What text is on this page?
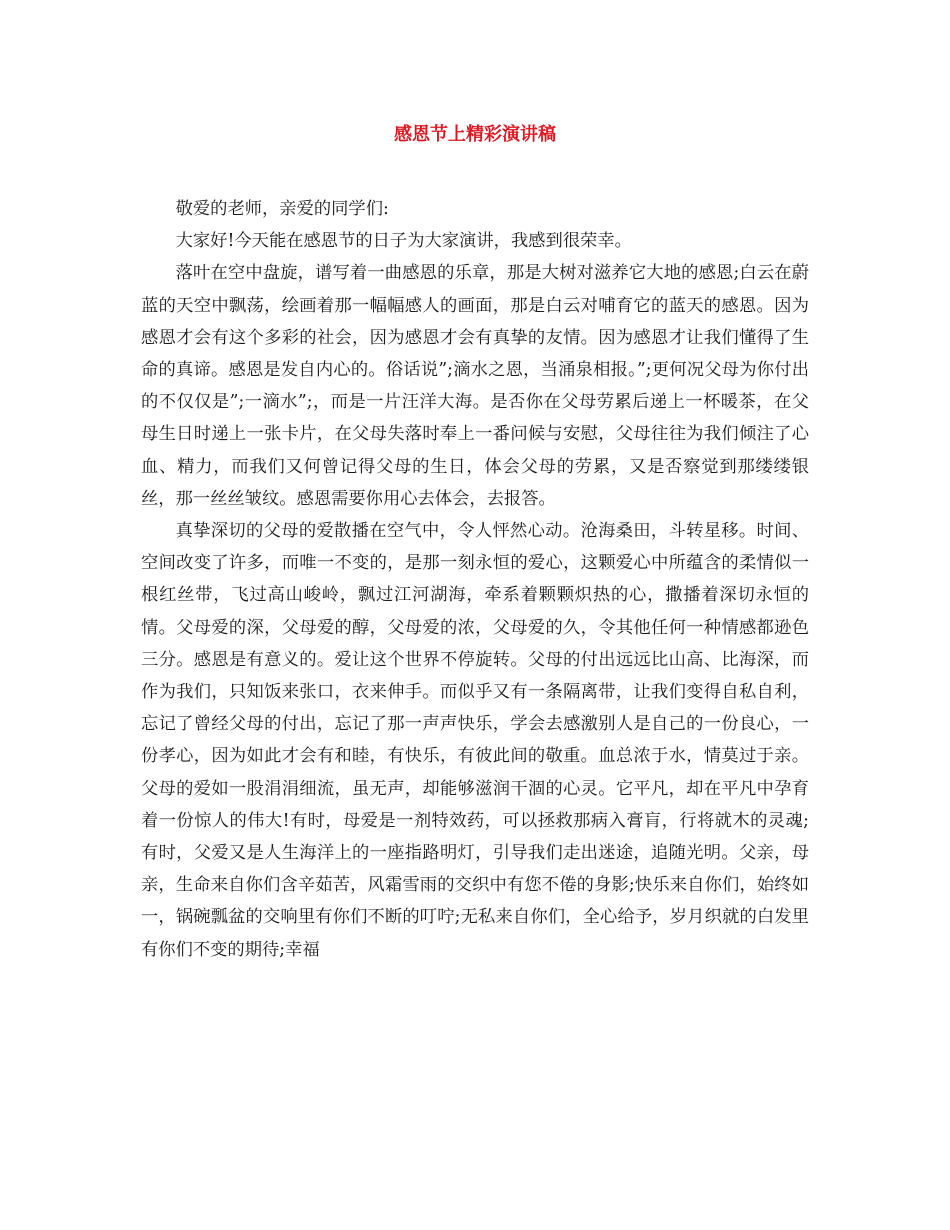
感恩节上精彩演讲稿

敬爱的老师，亲爱的同学们:

大家好!今天能在感恩节的日子为大家演讲，我感到很荣幸。

落叶在空中盘旋，谱写着一曲感恩的乐章，那是大树对滋养它大地的感恩;白云在蔚蓝的天空中飘荡，绘画着那一幅幅感人的画面，那是白云对哺育它的蓝天的感恩。因为感恩才会有这个多彩的社会，因为感恩才会有真挚的友情。因为感恩才让我们懂得了生命的真谛。感恩是发自内心的。俗话说”;滴水之恩，当涌泉相报。”;更何况父母为你付出的不仅仅是”;一滴水”;，而是一片汪洋大海。是否你在父母劳累后递上一杯暖茶，在父母生日时递上一张卡片，在父母失落时奉上一番问候与安慰，父母往往为我们倾注了心血、精力，而我们又何曾记得父母的生日，体会父母的劳累，又是否察觉到那缕缕银丝，那一丝丝皱纹。感恩需要你用心去体会，去报答。

真挚深切的父母的爱散播在空气中，令人怦然心动。沧海桑田，斗转星移。时间、空间改变了许多，而唯一不变的，是那一刻永恒的爱心，这颗爱心中所蕴含的柔情似一根红丝带，飞过高山峻岭，飘过江河湖海，牵系着颗颗炽热的心，撒播着深切永恒的情。父母爱的深，父母爱的醇，父母爱的浓，父母爱的久，令其他任何一种情感都逊色三分。感恩是有意义的。爱让这个世界不停旋转。父母的付出远远比山高、比海深，而作为我们，只知饭来张口，衣来伸手。而似乎又有一条隔离带，让我们变得自私自利，忘记了曾经父母的付出，忘记了那一声声快乐，学会去感激别人是自己的一份良心，一份孝心，因为如此才会有和睦，有快乐，有彼此间的敬重。血总浓于水，情莫过于亲。父母的爱如一股涓涓细流，虽无声，却能够滋润干涸的心灵。它平凡，却在平凡中孕育着一份惊人的伟大!有时，母爱是一剂特效药，可以拯救那病入膏肓，行将就木的灵魂;有时，父爱又是人生海洋上的一座指路明灯，引导我们走出迷途，追随光明。父亲，母亲，生命来自你们含辛茹苦，风霜雪雨的交织中有您不倦的身影;快乐来自你们，始终如一，锅碗瓢盆的交响里有你们不断的叮咛;无私来自你们，全心给予，岁月织就的白发里有你们不变的期待;幸福
